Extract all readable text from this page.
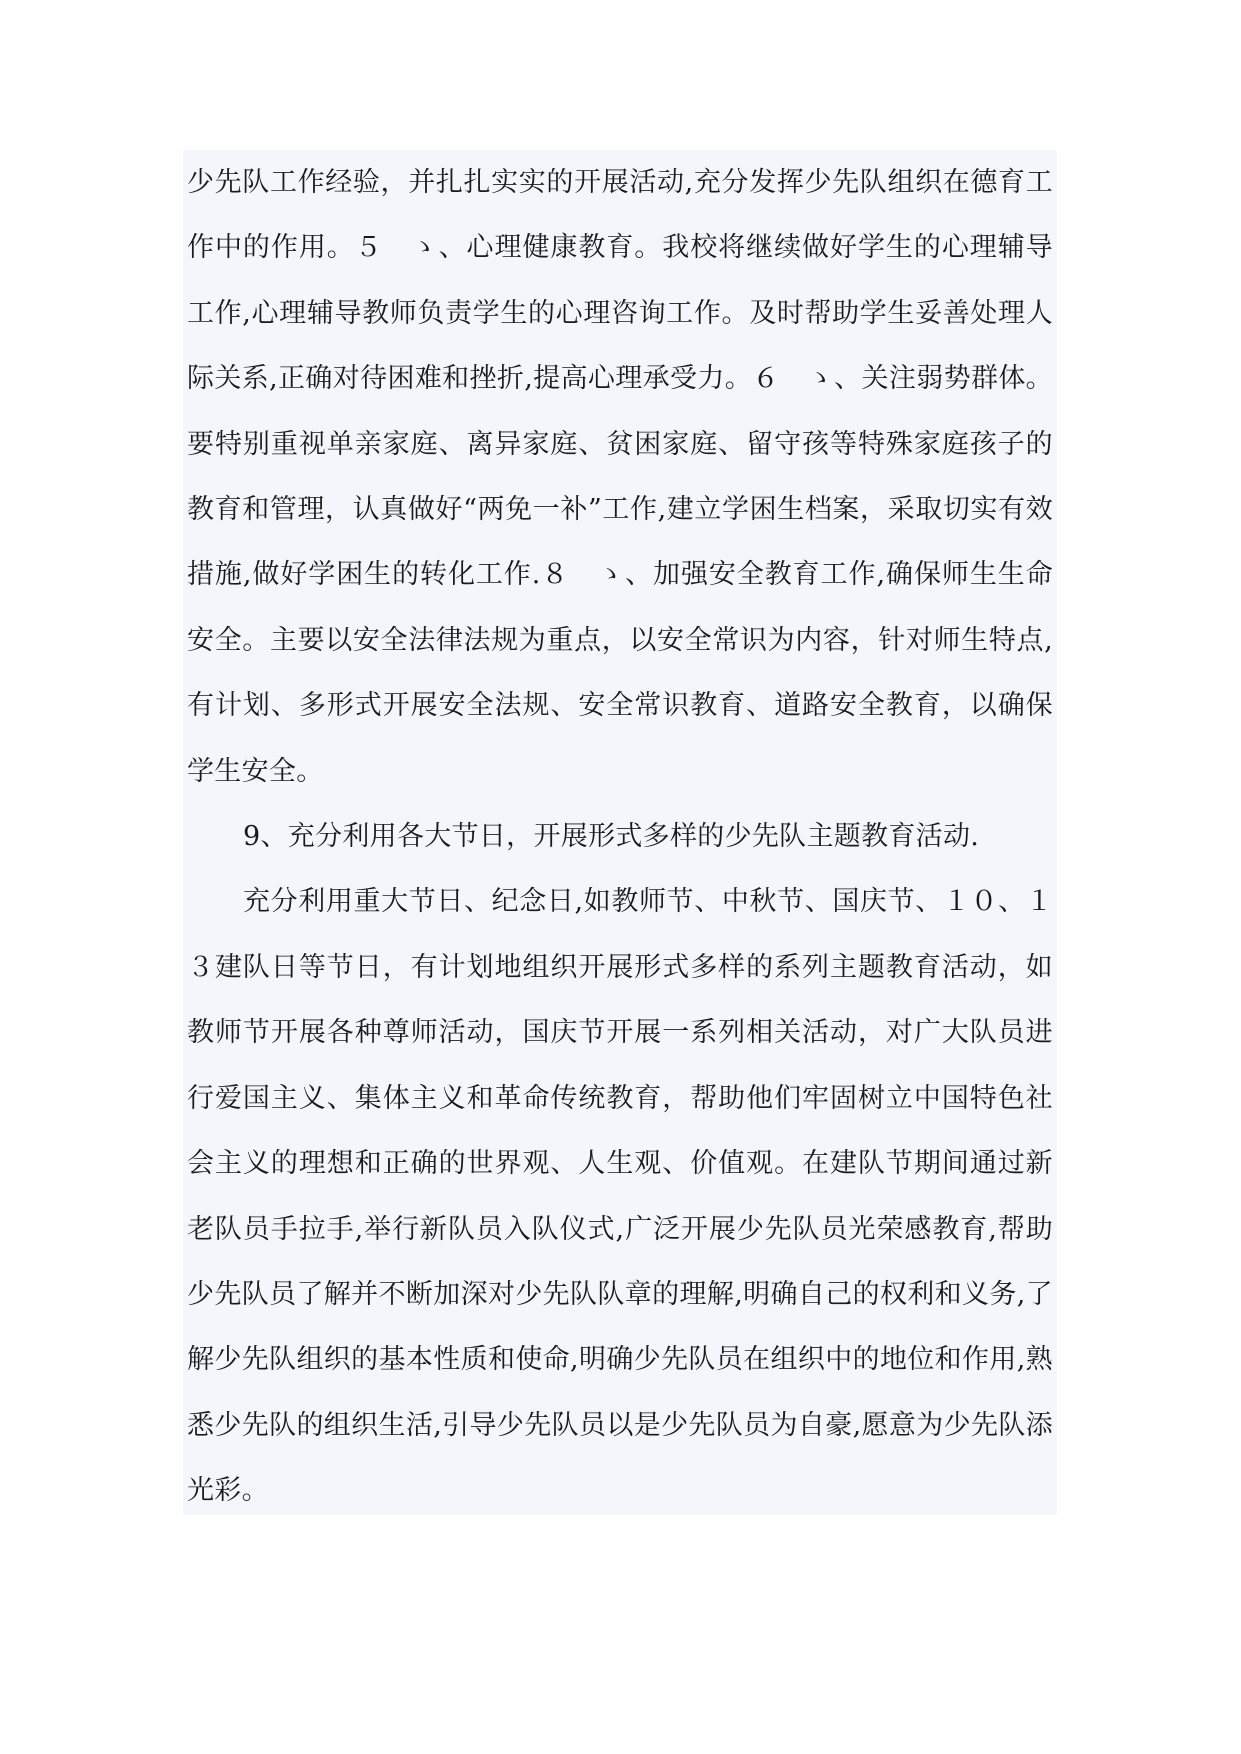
少先队工作经验，并扎扎实实的开展活动,充分发挥少先队组织在德育工作中的作用。５　ゝ、心理健康教育。我校将继续做好学生的心理辅导工作,心理辅导教师负责学生的心理咨询工作。及时帮助学生妥善处理人际关系,正确对待困难和挫折,提高心理承受力。６　ゝ、关注弱势群体。要特别重视单亲家庭、离异家庭、贫困家庭、留守孩等特殊家庭孩子的教育和管理，认真做好“两免一补”工作,建立学困生档案，采取切实有效措施,做好学困生的转化工作.８　ゝ、加强安全教育工作,确保师生生命安全。主要以安全法律法规为重点，以安全常识为内容，针对师生特点,有计划、多形式开展安全法规、安全常识教育、道路安全教育，以确保学生安全。

9、充分利用各大节日，开展形式多样的少先队主题教育活动.

充分利用重大节日、纪念日,如教师节、中秋节、国庆节、１０、１３建队日等节日，有计划地组织开展形式多样的系列主题教育活动，如教师节开展各种尊师活动，国庆节开展一系列相关活动，对广大队员进行爱国主义、集体主义和革命传统教育，帮助他们牢固树立中国特色社会主义的理想和正确的世界观、人生观、价值观。在建队节期间通过新老队员手拉手,举行新队员入队仪式,广泛开展少先队员光荣感教育,帮助少先队员了解并不断加深对少先队队章的理解,明确自己的权利和义务,了解少先队组织的基本性质和使命,明确少先队员在组织中的地位和作用,熟悉少先队的组织生活,引导少先队员以是少先队员为自豪,愿意为少先队添光彩。
